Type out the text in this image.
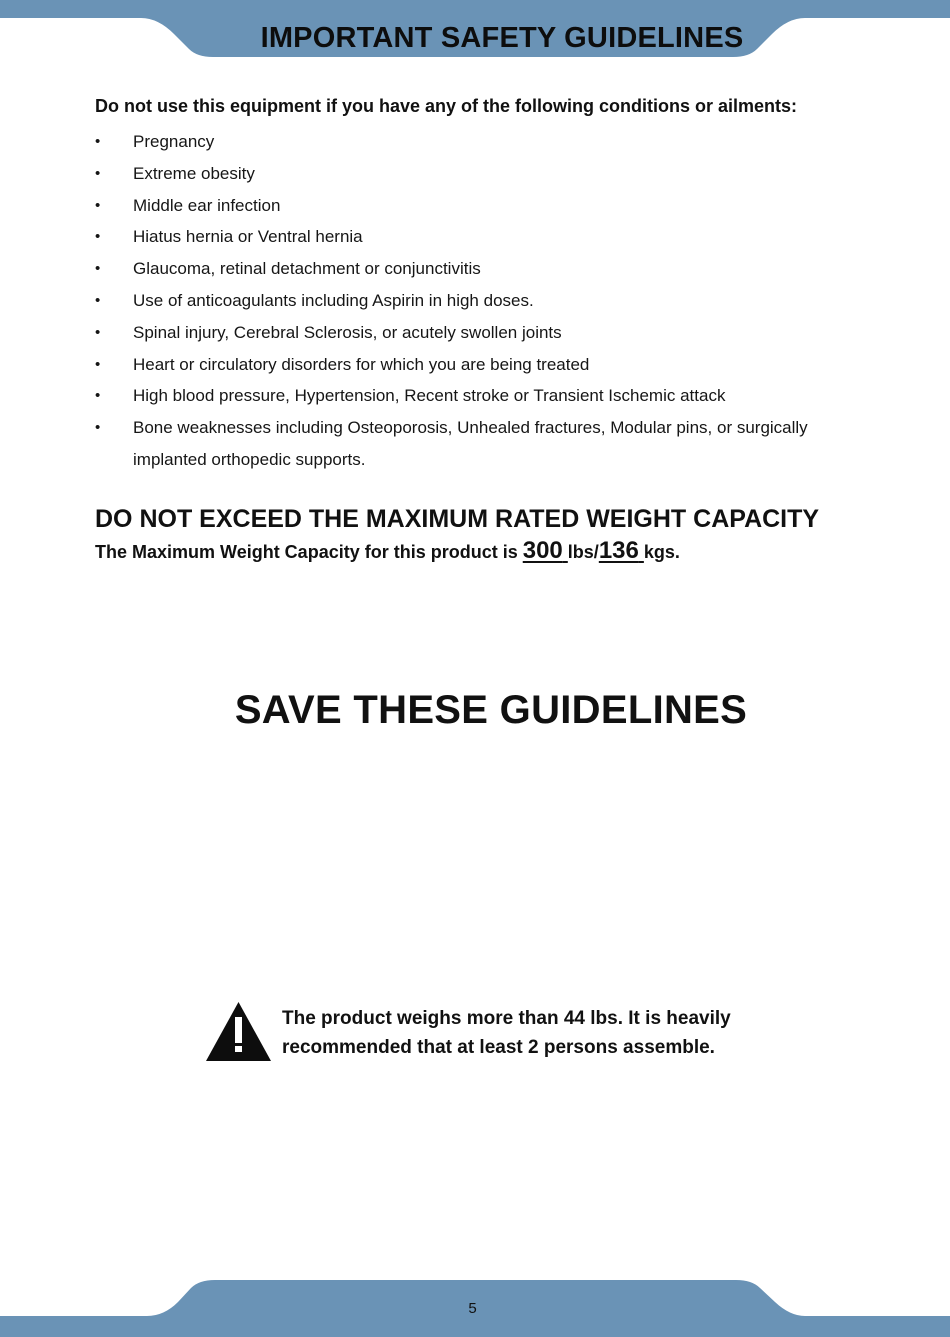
IMPORTANT SAFETY GUIDELINES
Do not use this equipment if you have any of the following conditions or ailments:
• Pregnancy
• Extreme obesity
• Middle ear infection
• Hiatus hernia or Ventral hernia
• Glaucoma, retinal detachment or conjunctivitis
• Use of anticoagulants including Aspirin in high doses.
• Spinal injury, Cerebral Sclerosis, or acutely swollen joints
• Heart or circulatory disorders for which you are being treated
• High blood pressure, Hypertension, Recent stroke or Transient Ischemic attack
• Bone weaknesses including Osteoporosis, Unhealed fractures, Modular pins, or surgically implanted orthopedic supports.
DO NOT EXCEED THE MAXIMUM RATED WEIGHT CAPACITY
The Maximum Weight Capacity for this product is 300 lbs/136 kgs.
SAVE THESE GUIDELINES
The product weighs more than 44 lbs. It is heavily
recommended that at least 2 persons assemble.
5
